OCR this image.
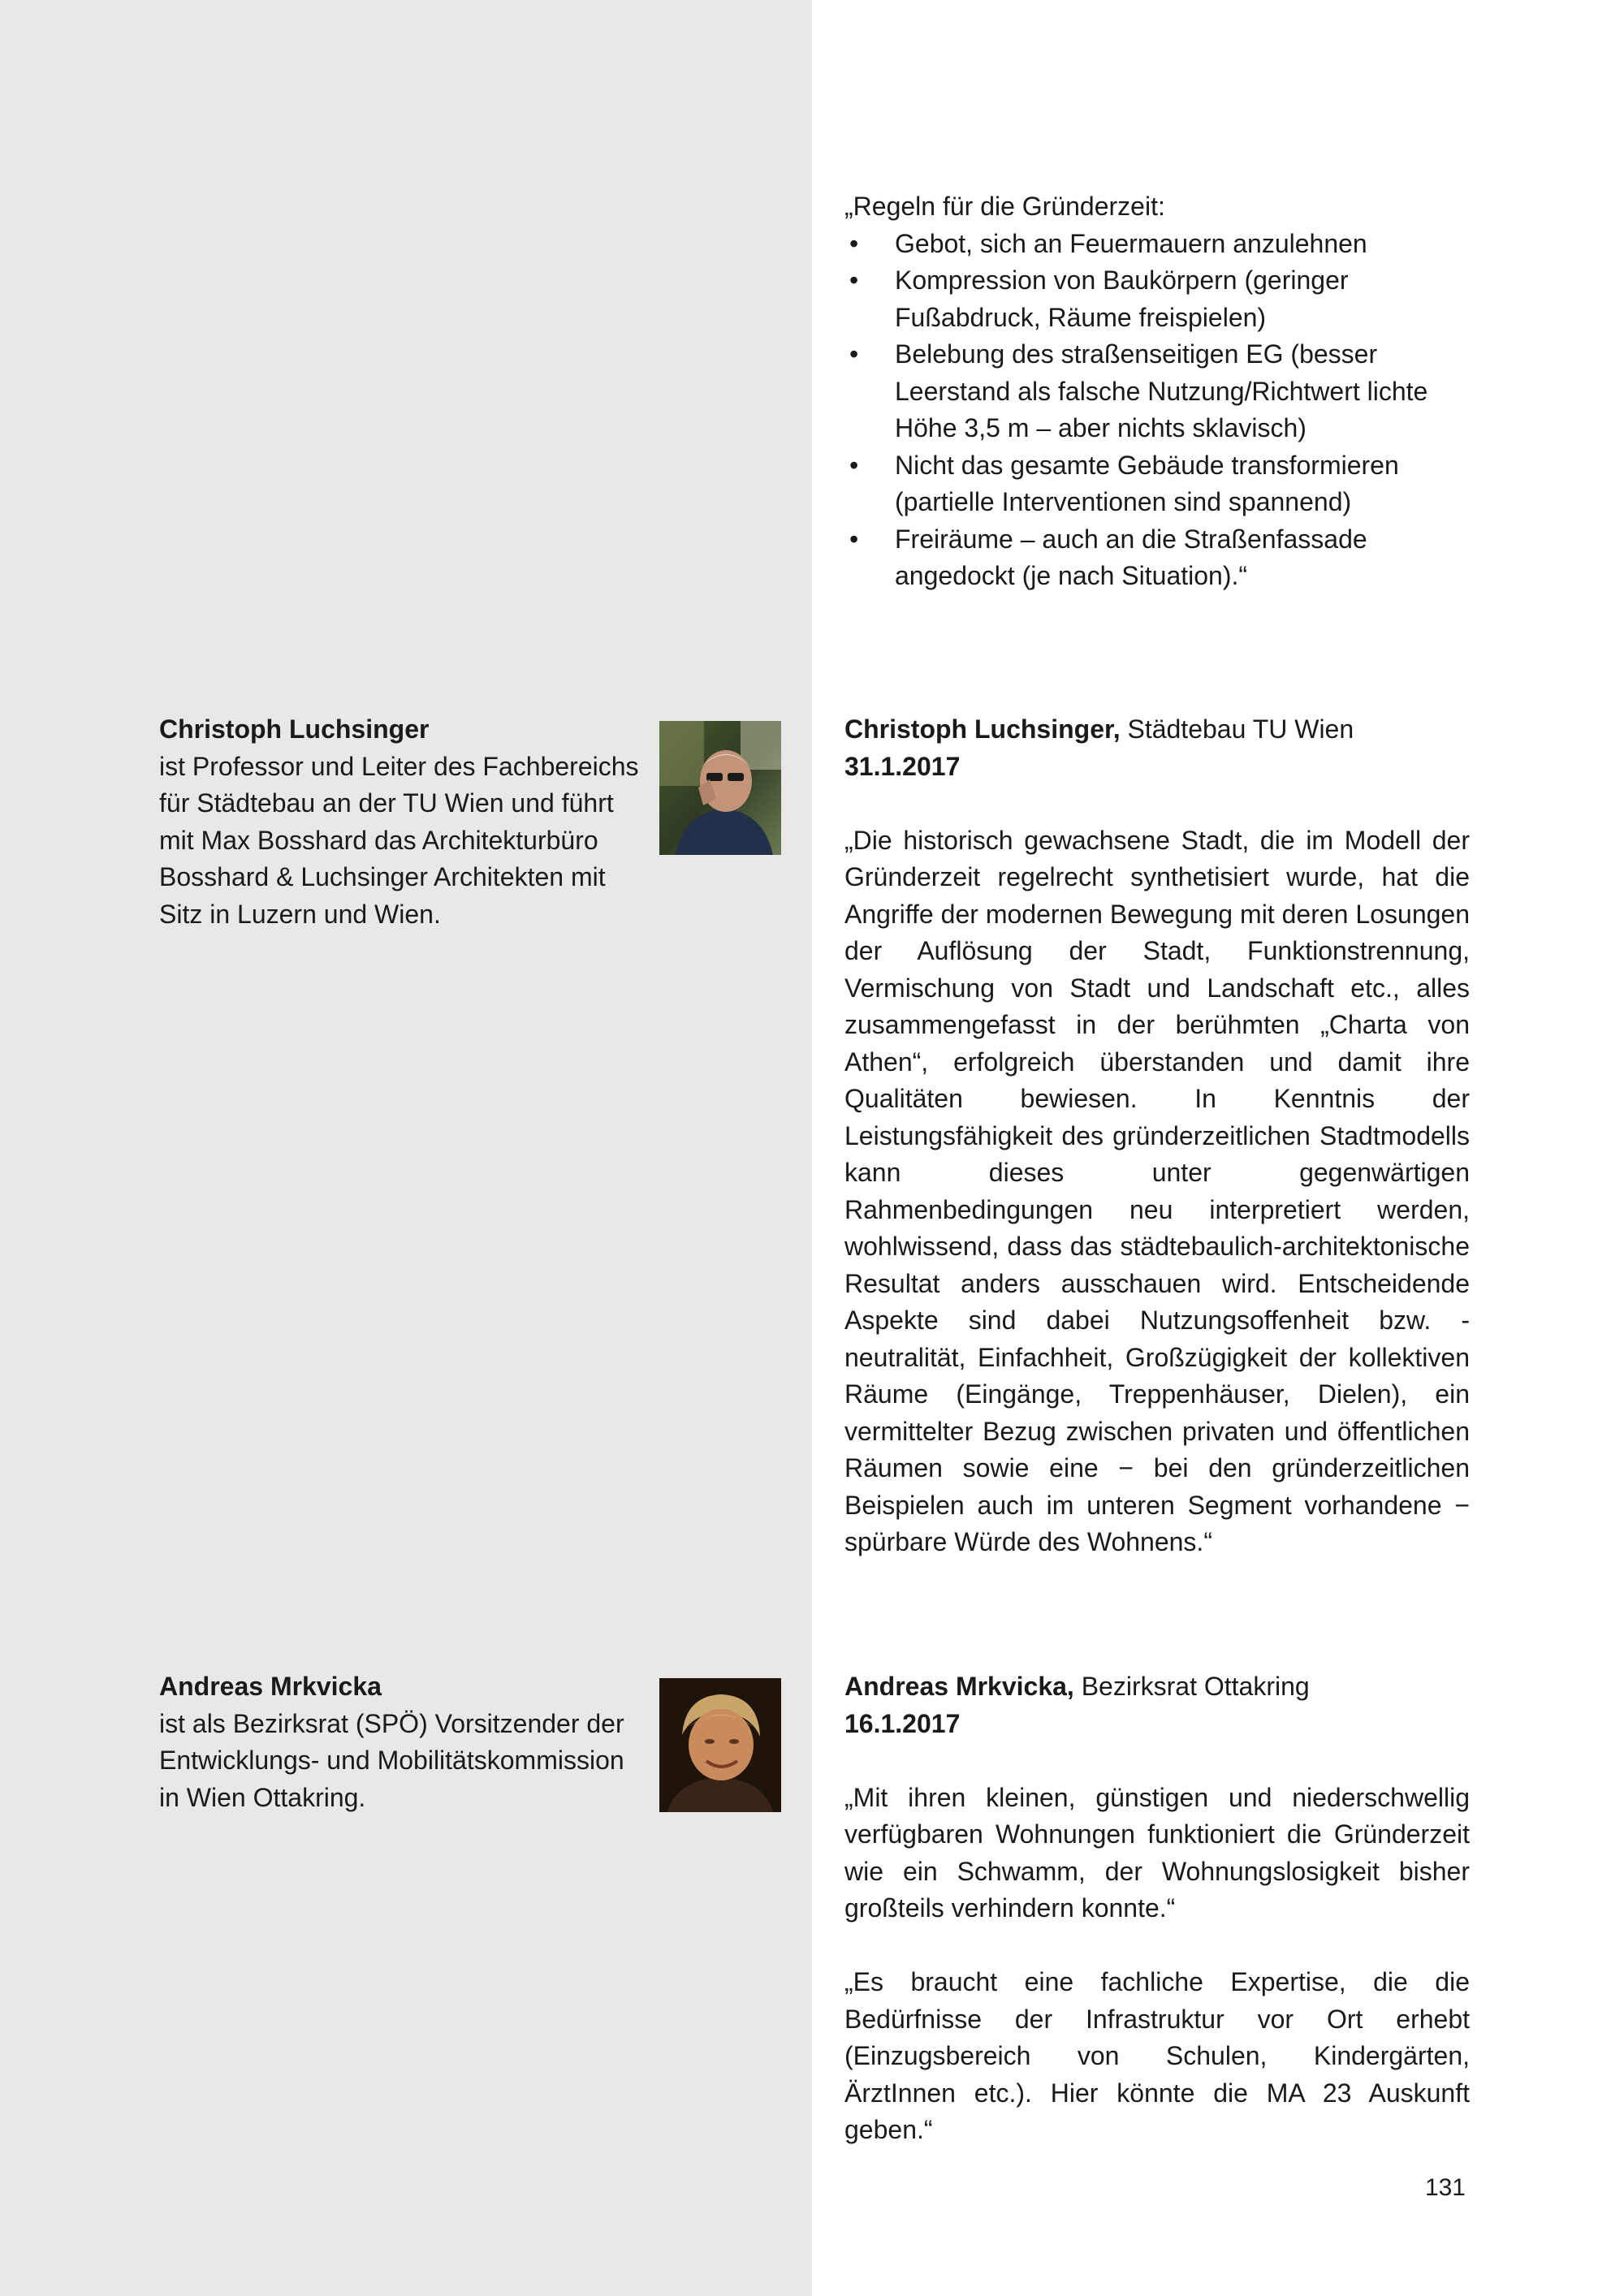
„Regeln für die Gründerzeit:
• Gebot, sich an Feuermauern anzulehnen
• Kompression von Baukörpern (geringer Fußabdruck, Räume freispielen)
• Belebung des straßenseitigen EG (besser Leerstand als falsche Nutzung/Richtwert lichte Höhe 3,5 m – aber nichts sklavisch)
• Nicht das gesamte Gebäude transformieren (partielle Interventionen sind spannend)
• Freiräume – auch an die Straßenfassade angedockt (je nach Situation).“
Christoph Luchsinger
ist Professor und Leiter des Fachbereichs für Städtebau an der TU Wien und führt mit Max Bosshard das Architekturbüro Bosshard & Luchsinger Architekten mit Sitz in Luzern und Wien.
Christoph Luchsinger, Städtebau TU Wien
31.1.2017

„Die historisch gewachsene Stadt, die im Modell der Gründerzeit regelrecht synthetisiert wurde, hat die Angriffe der modernen Bewegung mit deren Losungen der Auflösung der Stadt, Funktionstrennung, Vermischung von Stadt und Landschaft etc., alles zusammengefasst in der berühmten „Charta von Athen“, erfolgreich überstanden und damit ihre Qualitäten bewiesen. In Kenntnis der Leistungsfähigkeit des gründerzeitlichen Stadtmodells kann dieses unter gegenwärtigen Rahmenbedingungen neu interpretiert werden, wohlwissend, dass das städtebaulich-architektonische Resultat anders ausschauen wird. Entscheidende Aspekte sind dabei Nutzungsoffenheit bzw. -neutralität, Einfachheit, Großzügigkeit der kollektiven Räume (Eingänge, Treppenhäuser, Dielen), ein vermittelter Bezug zwischen privaten und öffentlichen Räumen sowie eine − bei den gründerzeitlichen Beispielen auch im unteren Segment vorhandene − spürbare Würde des Wohnens.“

Andreas Mrkvicka
ist als Bezirksrat (SPÖ) Vorsitzender der Entwicklungs- und Mobilitätskommission in Wien Ottakring.
Andreas Mrkvicka, Bezirksrat Ottakring
16.1.2017

„Mit ihren kleinen, günstigen und niederschwellig verfügbaren Wohnungen funktioniert die Gründerzeit wie ein Schwamm, der Wohnungslosigkeit bisher großteils verhindern konnte.“

„Es braucht eine fachliche Expertise, die die Bedürfnisse der Infrastruktur vor Ort erhebt (Einzugsbereich von Schulen, Kindergärten, ÄrztInnen etc.). Hier könnte die MA 23 Auskunft geben.“

131
